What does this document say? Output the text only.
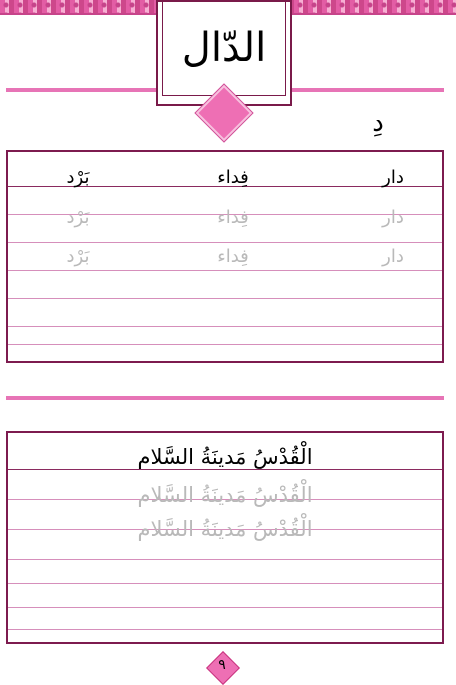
الدّال
دِ
دار
فِداء
بَرْد
دار
فِداء
بَرْد
دار
فِداء
بَرْد
الْقُدْسُ مَدينَةُ السَّلام
الْقُدْسُ مَدينَةُ السَّلام
الْقُدْسُ مَدينَةُ السَّلام
٩
